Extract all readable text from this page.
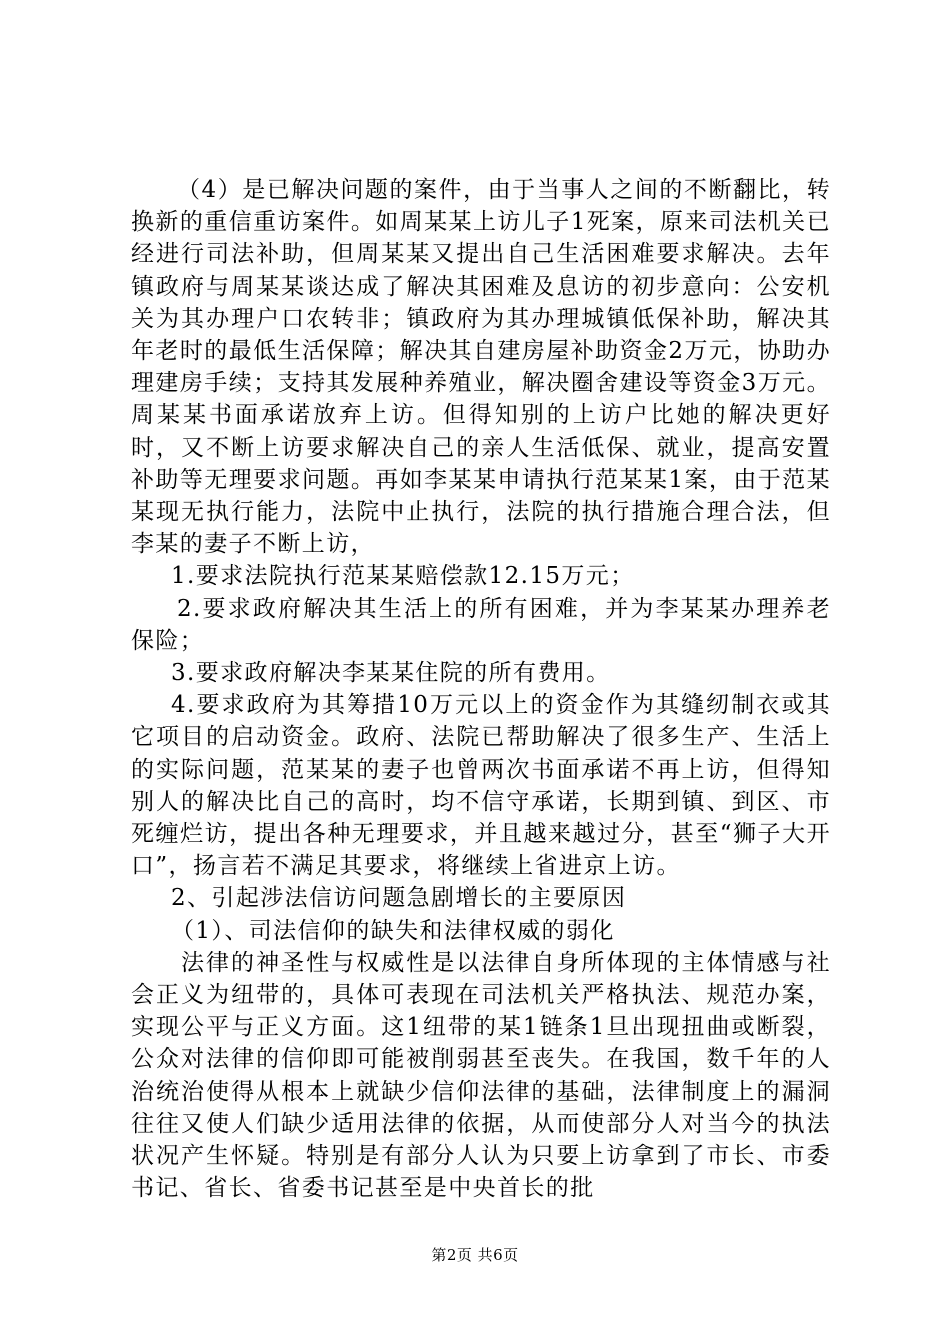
（4）是已解决问题的案件，由于当事人之间的不断翻比，转换新的重信重访案件。如周某某上访儿子1死案，原来司法机关已经进行司法补助，但周某某又提出自己生活困难要求解决。去年镇政府与周某某谈达成了解决其困难及息访的初步意向：公安机关为其办理户口农转非；镇政府为其办理城镇低保补助，解决其年老时的最低生活保障；解决其自建房屋补助资金2万元，协助办理建房手续；支持其发展种养殖业，解决圈舍建设等资金3万元。周某某书面承诺放弃上访。但得知别的上访户比她的解决更好时，又不断上访要求解决自己的亲人生活低保、就业，提高安置补助等无理要求问题。再如李某某申请执行范某某1案，由于范某某现无执行能力，法院中止执行，法院的执行措施合理合法，但李某的妻子不断上访，

1.要求法院执行范某某赔偿款12.15万元；

2.要求政府解决其生活上的所有困难，并为李某某办理养老保险；

3.要求政府解决李某某住院的所有费用。

4.要求政府为其筹措10万元以上的资金作为其缝纫制衣或其它项目的启动资金。政府、法院已帮助解决了很多生产、生活上的实际问题，范某某的妻子也曾两次书面承诺不再上访，但得知别人的解决比自己的高时，均不信守承诺，长期到镇、到区、市死缠烂访，提出各种无理要求，并且越来越过分，甚至“狮子大开口”，扬言若不满足其要求，将继续上省进京上访。

2、引起涉法信访问题急剧增长的主要原因

（1）、司法信仰的缺失和法律权威的弱化

法律的神圣性与权威性是以法律自身所体现的主体情感与社会正义为纽带的，具体可表现在司法机关严格执法、规范办案，实现公平与正义方面。这1纽带的某1链条1旦出现扭曲或断裂，公众对法律的信仰即可能被削弱甚至丧失。在我国，数千年的人治统治使得从根本上就缺少信仰法律的基础，法律制度上的漏洞往往又使人们缺少适用法律的依据，从而使部分人对当今的执法状况产生怀疑。特别是有部分人认为只要上访拿到了市长、市委书记、省长、省委书记甚至是中央首长的批

第2页 共6页
